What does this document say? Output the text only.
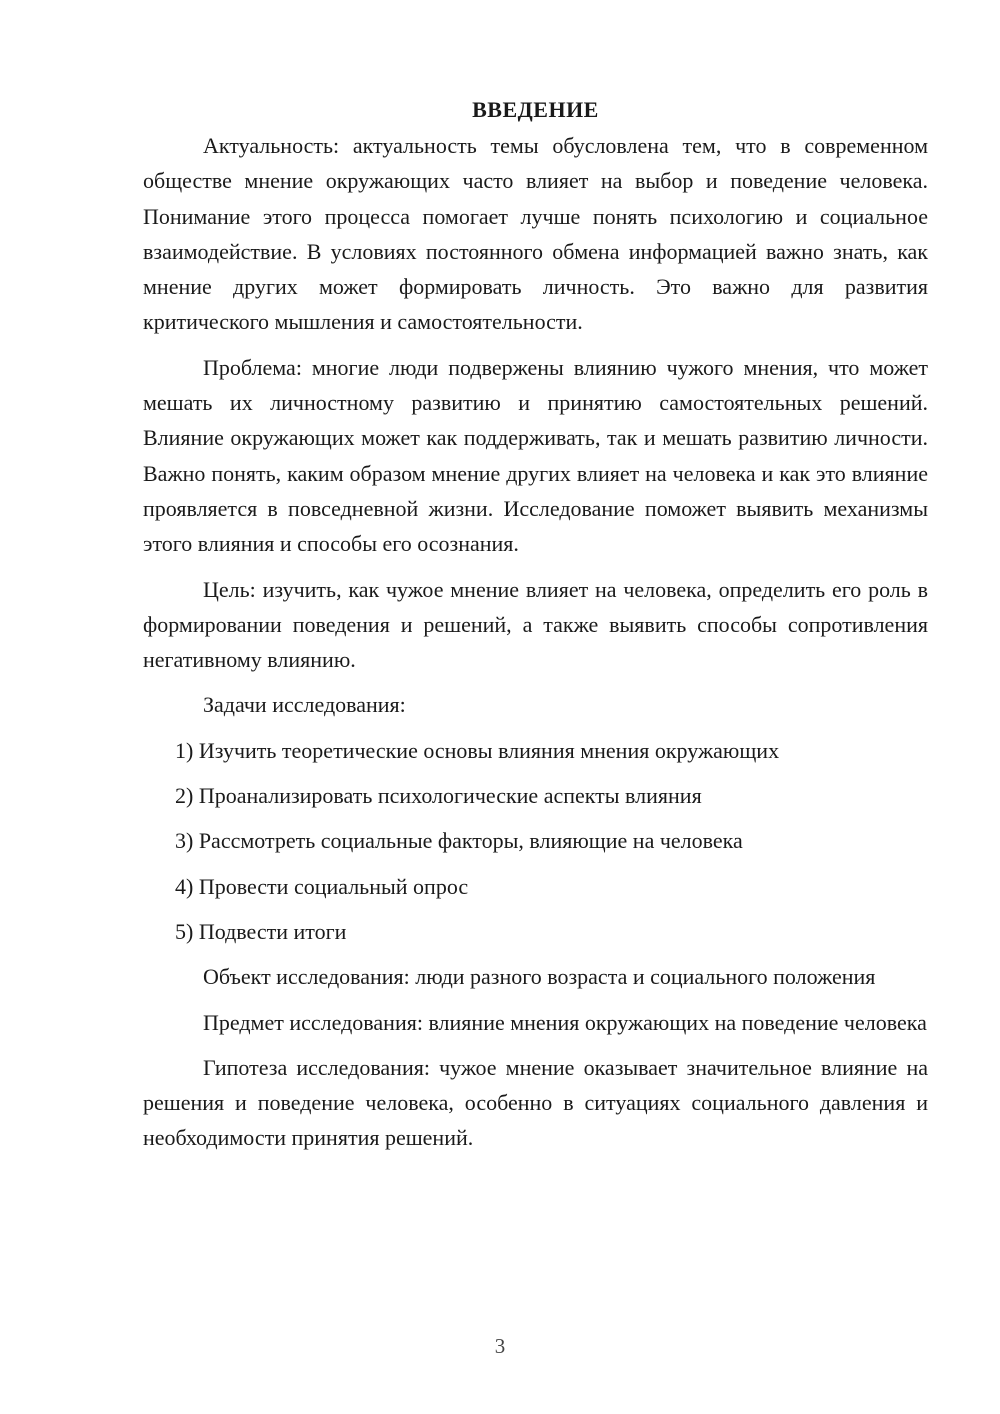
ВВЕДЕНИЕ

Актуальность: актуальность темы обусловлена тем, что в современном обществе мнение окружающих часто влияет на выбор и поведение человека. Понимание этого процесса помогает лучше понять психологию и социальное взаимодействие. В условиях постоянного обмена информацией важно знать, как мнение других может формировать личность. Это важно для развития критического мышления и самостоятельности.

Проблема: многие люди подвержены влиянию чужого мнения, что может мешать их личностному развитию и принятию самостоятельных решений. Влияние окружающих может как поддерживать, так и мешать развитию личности. Важно понять, каким образом мнение других влияет на человека и как это влияние проявляется в повседневной жизни. Исследование поможет выявить механизмы этого влияния и способы его осознания.

Цель: изучить, как чужое мнение влияет на человека, определить его роль в формировании поведения и решений, а также выявить способы сопротивления негативному влиянию.

Задачи исследования:

1) Изучить теоретические основы влияния мнения окружающих

2) Проанализировать психологические аспекты влияния

3) Рассмотреть социальные факторы, влияющие на человека

4) Провести социальный опрос

5) Подвести итоги

Объект исследования: люди разного возраста и социального положения

Предмет исследования: влияние мнения окружающих на поведение человека

Гипотеза исследования: чужое мнение оказывает значительное влияние на решения и поведение человека, особенно в ситуациях социального давления и необходимости принятия решений.

3
